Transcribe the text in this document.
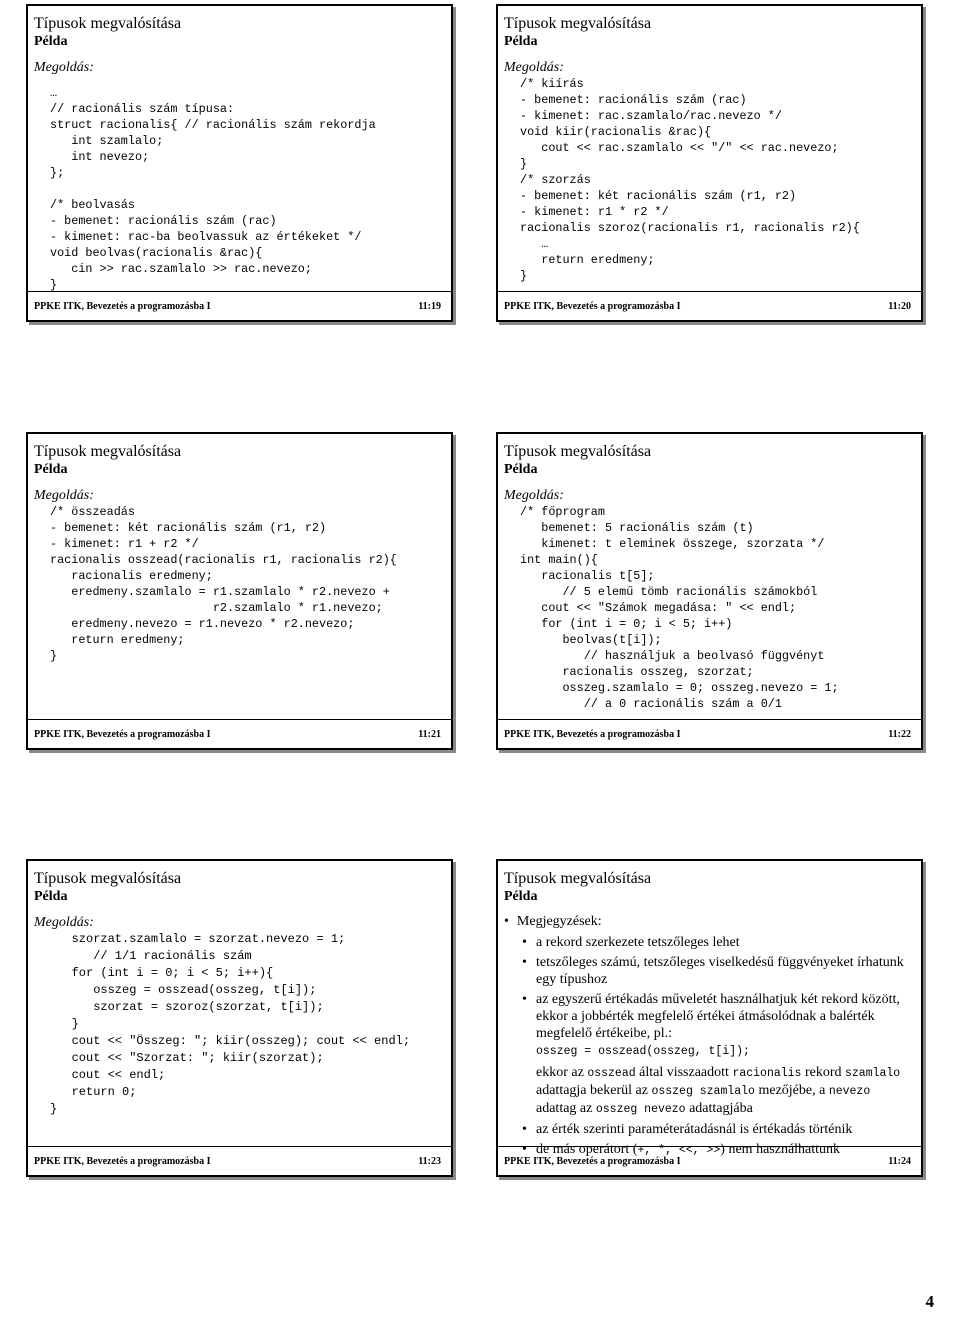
Típusok megvalósítása
Példa
Megoldás:
…
// racionális szám típusa:
struct racionalis{ // racionális szám rekordja
int szamlalo;
int nevezo;
};

/* beolvasás
- bemenet: racionális szám (rac)
- kimenet: rac-ba beolvassuk az értékeket */
void beolvas(racionalis &rac){
cin >> rac.szamlalo >> rac.nevezo;
}
PPKE ITK, Bevezetés a programozásba I	11:19
Típusok megvalósítása
Példa
Megoldás:
/* kiírás
- bemenet: racionális szám (rac)
- kimenet: rac.szamlalo/rac.nevezo */
void kiir(racionalis &rac){
cout << rac.szamlalo << "/" << rac.nevezo;
}
/* szorzás
- bemenet: két racionális szám (r1, r2)
- kimenet: r1 * r2 */
racionalis szoroz(racionalis r1, racionalis r2){
…
return eredmeny;
}
PPKE ITK, Bevezetés a programozásba I	11:20
Típusok megvalósítása
Példa
Megoldás:
/* összeadás
- bemenet: két racionális szám (r1, r2)
- kimenet: r1 + r2 */
racionalis osszead(racionalis r1, racionalis r2){
racionalis eredmeny;
eredmeny.szamlalo = r1.szamlalo * r2.nevezo +
r2.szamlalo * r1.nevezo;
eredmeny.nevezo = r1.nevezo * r2.nevezo;
return eredmeny;
}
PPKE ITK, Bevezetés a programozásba I	11:21
Típusok megvalósítása
Példa
Megoldás:
/* főprogram
bemenet: 5 racionális szám (t)
kimenet: t eleminek összege, szorzata */
int main(){
racionalis t[5];
// 5 elemű tömb racionális számokból
cout << "Számok megadása: " << endl;
for (int i = 0; i < 5; i++)
beolvas(t[i]);
// használjuk a beolvasó függvényt
racionalis osszeg, szorzat;
osszeg.szamlalo = 0; osszeg.nevezo = 1;
// a 0 racionális szám a 0/1
PPKE ITK, Bevezetés a programozásba I	11:22
Típusok megvalósítása
Példa
Megoldás:
szorzat.szamlalo = szorzat.nevezo = 1;
// 1/1 racionális szám
for (int i = 0; i < 5; i++){
osszeg = osszead(osszeg, t[i]);
szorzat = szoroz(szorzat, t[i]);
}
cout << "Összeg: "; kiir(osszeg); cout << endl;
cout << "Szorzat: "; kiir(szorzat);
cout << endl;
return 0;
}
PPKE ITK, Bevezetés a programozásba I	11:23
Típusok megvalósítása
Példa
• Megjegyzések:
• a rekord szerkezete tetszőleges lehet
• tetszőleges számú, tetszőleges viselkedésű függvényeket írhatunk egy típushoz
• az egyszerű értékadás műveletét használhatjuk két rekord között, ekkor a jobbérték megfelelő értékei átmásolódnak a balérték megfelelő értékeibe, pl.:
osszeg = osszead(osszeg, t[i]);
ekkor az osszead által visszaadott racionalis rekord szamlalo adattagja bekerül az osszeg szamlalo mezőjébe, a nevezo adattag az osszeg nevezo adattagjába
• az érték szerinti paraméterátadásnál is értékadás történik
• de más operátort (+, *, <<, >>) nem használhattunk
PPKE ITK, Bevezetés a programozásba I	11:24
4
